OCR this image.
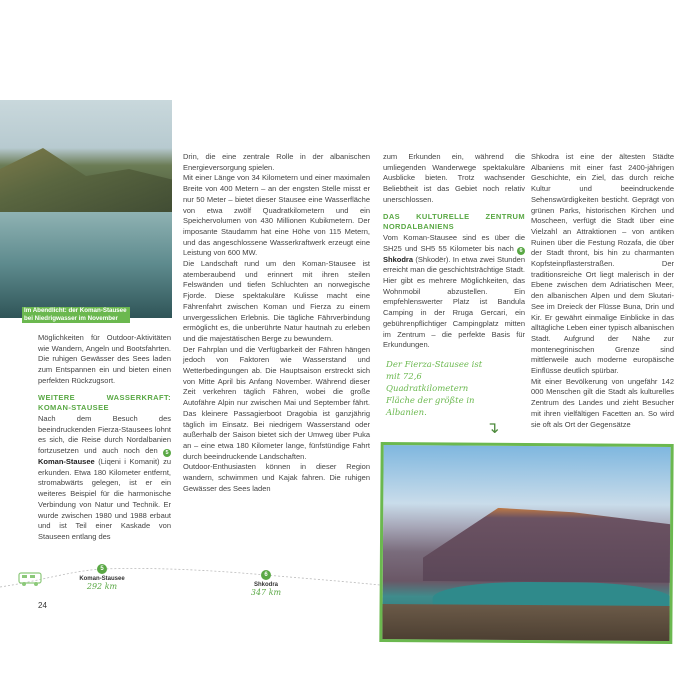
Im Abendlicht: der Koman-Stausee bei Niedrigwasser im November

Möglichkeiten für Outdoor-Aktivitäten wie Wandern, Angeln und Bootsfahrten. Die ruhigen Gewässer des Sees laden zum Entspannen ein und bieten einen perfekten Rückzugsort.

WEITERE WASSERKRAFT: KOMAN-STAUSEE

Nach dem Besuch des beeindruckenden Fierza-Stausees lohnt es sich, die Reise durch Nordalbanien fortzusetzen und auch noch den 5 Koman-Stausee (Liqeni i Komanit) zu erkunden. Etwa 180 Kilometer entfernt, stromabwärts gelegen, ist er ein weiteres Beispiel für die harmonische Verbindung von Natur und Technik. Er wurde zwischen 1980 und 1988 erbaut und ist Teil einer Kaskade von Stauseen entlang des

Drin, die eine zentrale Rolle in der albanischen Energieversorgung spielen.

Mit einer Länge von 34 Kilometern und einer maximalen Breite von 400 Metern – an der engsten Stelle misst er nur 50 Meter – bietet dieser Stausee eine Wasserfläche von etwa zwölf Quadratkilometern und ein Speichervolumen von 430 Millionen Kubikmetern. Der imposante Staudamm hat eine Höhe von 115 Metern, und das angeschlossene Wasserkraftwerk erzeugt eine Leistung von 600 MW.

Die Landschaft rund um den Koman-Stausee ist atemberaubend und erinnert mit ihren steilen Felswänden und tiefen Schluchten an norwegische Fjorde. Diese spektakuläre Kulisse macht eine Fährenfahrt zwischen Koman und Fierza zu einem unvergesslichen Erlebnis. Die tägliche Fährverbindung ermöglicht es, die unberührte Natur hautnah zu erleben und die majestätischen Berge zu bewundern.

Der Fahrplan und die Verfügbarkeit der Fähren hängen jedoch von Faktoren wie Wasserstand und Wetterbedingungen ab. Die Hauptsaison erstreckt sich von Mitte April bis Anfang November. Während dieser Zeit verkehren täglich Fähren, wobei die große Autofähre Alpin nur zwischen Mai und September fährt. Das kleinere Passagierboot Dragobia ist ganzjährig täglich im Einsatz. Bei niedrigem Wasserstand oder außerhalb der Saison bietet sich der Umweg über Puka an – eine etwa 180 Kilometer lange, fünfstündige Fahrt durch beeindruckende Landschaften.

Outdoor-Enthusiasten können in dieser Region wandern, schwimmen und Kajak fahren. Die ruhigen Gewässer des Sees laden

zum Erkunden ein, während die umliegenden Wanderwege spektakuläre Ausblicke bieten. Trotz wachsender Beliebtheit ist das Gebiet noch relativ unerschlossen.

DAS KULTURELLE ZENTRUM NORDALBANIENS

Vom Koman-Stausee sind es über die SH25 und SH5 55 Kilometer bis nach 6 Shkodra (Shkodër). In etwa zwei Stunden erreicht man die geschichtsträchtige Stadt. Hier gibt es mehrere Möglichkeiten, das Wohnmobil abzustellen. Ein empfehlenswerter Platz ist Bandula Camping in der Rruga Gercari, ein gebührenpflichtiger Campingplatz mitten im Zentrum – die perfekte Basis für Erkundungen.

Shkodra ist eine der ältesten Städte Albaniens mit einer fast 2400-jährigen Geschichte, ein Ziel, das durch reiche Kultur und beeindruckende Sehenswürdigkeiten besticht. Geprägt von grünen Parks, historischen Kirchen und Moscheen, verfügt die Stadt über eine Vielzahl an Attraktionen – von antiken Ruinen über die Festung Rozafa, die über der Stadt thront, bis hin zu charmanten Kopfsteinpflasterstraßen. Der traditionsreiche Ort liegt malerisch in der Ebene zwischen dem Adriatischen Meer, den albanischen Alpen und dem Skutari-See im Dreieck der Flüsse Buna, Drin und Kir. Er gewährt einmalige Einblicke in das alltägliche Leben einer typisch albanischen Stadt. Aufgrund der Nähe zur montenegrinischen Grenze sind mittlerweile auch moderne europäische Einflüsse deutlich spürbar.

Mit einer Bevölkerung von ungefähr 142 000 Menschen gilt die Stadt als kulturelles Zentrum des Landes und zieht Besucher mit ihren vielfältigen Facetten an. So wird sie oft als Ort der Gegensätze

Der Fierza-Stausee ist mit 72,6 Quadratkilometern Fläche der größte in Albanien.
↴
5
Koman-Stausee
292 km
6
Shkodra
347 km
24
